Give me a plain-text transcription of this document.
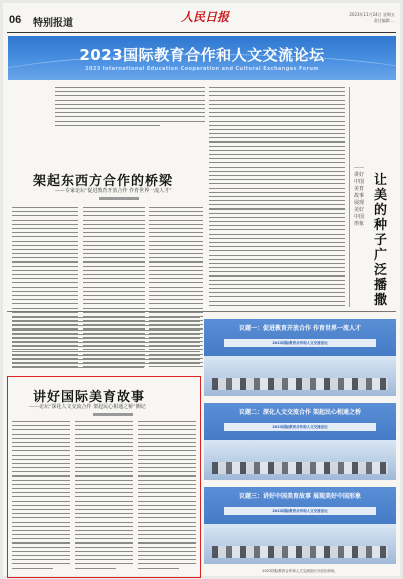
06 特别报道	人民日报	2023年11月24日 星期五
责任编辑 …
2023国际教育合作和人文交流论坛
2023 International Education Cooperation and Cultural Exchanges Forum
架起东西方合作的桥梁
——专家论坛“促进教育开放合作 作育世界一流人才”
让美的种子广泛播撒
——讲好中国美育故事 展现美好中国形象
讲好国际美育故事
——论坛“深化人文交流合作 架起民心相通之桥”侧记
议题一：促进教育开放合作 作育世界一流人才
2023国际教育合作和人文交流论坛
议题二：深化人文交流合作 架起民心相通之桥
2023国际教育合作和人文交流论坛
议题三：讲好中国美育故事 展现美好中国形象
2023国际教育合作和人文交流论坛
2023国际教育合作和人文交流论坛分论坛现场。
